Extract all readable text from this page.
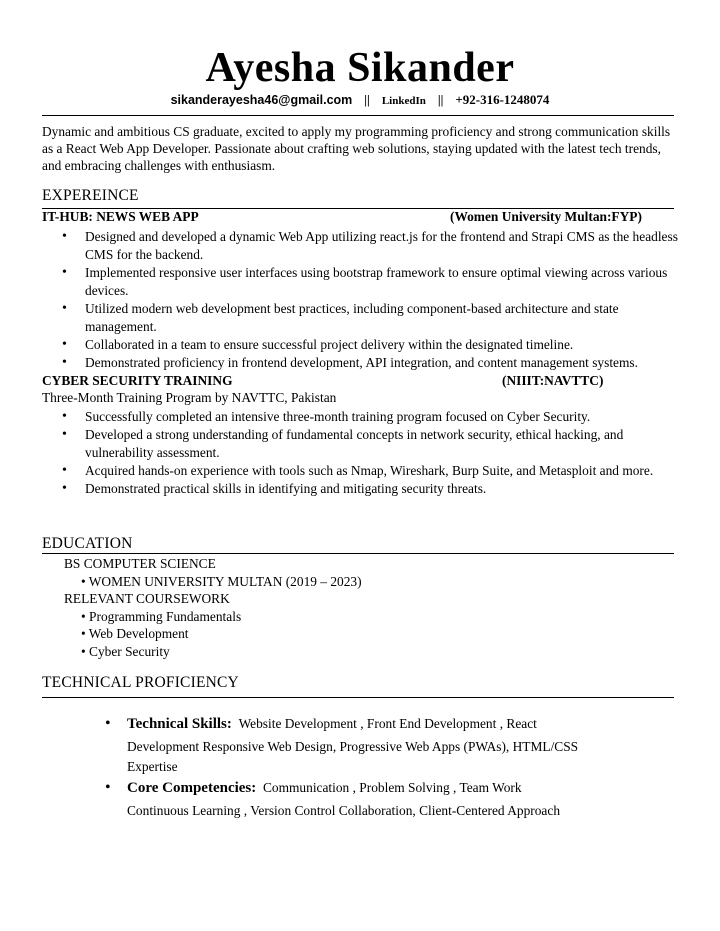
Ayesha Sikander
sikanderayesha46@gmail.com || LinkedIn || +92-316-1248074
Dynamic and ambitious CS graduate, excited to apply my programming proficiency and strong communication skills as a React Web App Developer. Passionate about crafting web solutions, staying updated with the latest tech trends, and embracing challenges with enthusiasm.
EXPEREINCE
IT-HUB: NEWS WEB APP	(Women University Multan:FYP)
• Designed and developed a dynamic Web App utilizing react.js for the frontend and Strapi CMS as the headless CMS for the backend.
• Implemented responsive user interfaces using bootstrap framework to ensure optimal viewing across various devices.
• Utilized modern web development best practices, including component-based architecture and state management.
• Collaborated in a team to ensure successful project delivery within the designated timeline.
• Demonstrated proficiency in frontend development, API integration, and content management systems.
CYBER SECURITY TRAINING	(NIIIT:NAVTTC)
Three-Month Training Program by NAVTTC, Pakistan
• Successfully completed an intensive three-month training program focused on Cyber Security.
• Developed a strong understanding of fundamental concepts in network security, ethical hacking, and vulnerability assessment.
• Acquired hands-on experience with tools such as Nmap, Wireshark, Burp Suite, and Metasploit and more.
• Demonstrated practical skills in identifying and mitigating security threats.
EDUCATION
BS COMPUTER SCIENCE
• WOMEN UNIVERSITY MULTAN (2019 – 2023)
RELEVANT COURSEWORK
• Programming Fundamentals
• Web Development
• Cyber Security
TECHNICAL PROFICIENCY
• Technical Skills: Website Development , Front End Development , React
Development Responsive Web Design, Progressive Web Apps (PWAs), HTML/CSS
Expertise
• Core Competencies: Communication , Problem Solving , Team Work
Continuous Learning , Version Control Collaboration, Client-Centered Approach
